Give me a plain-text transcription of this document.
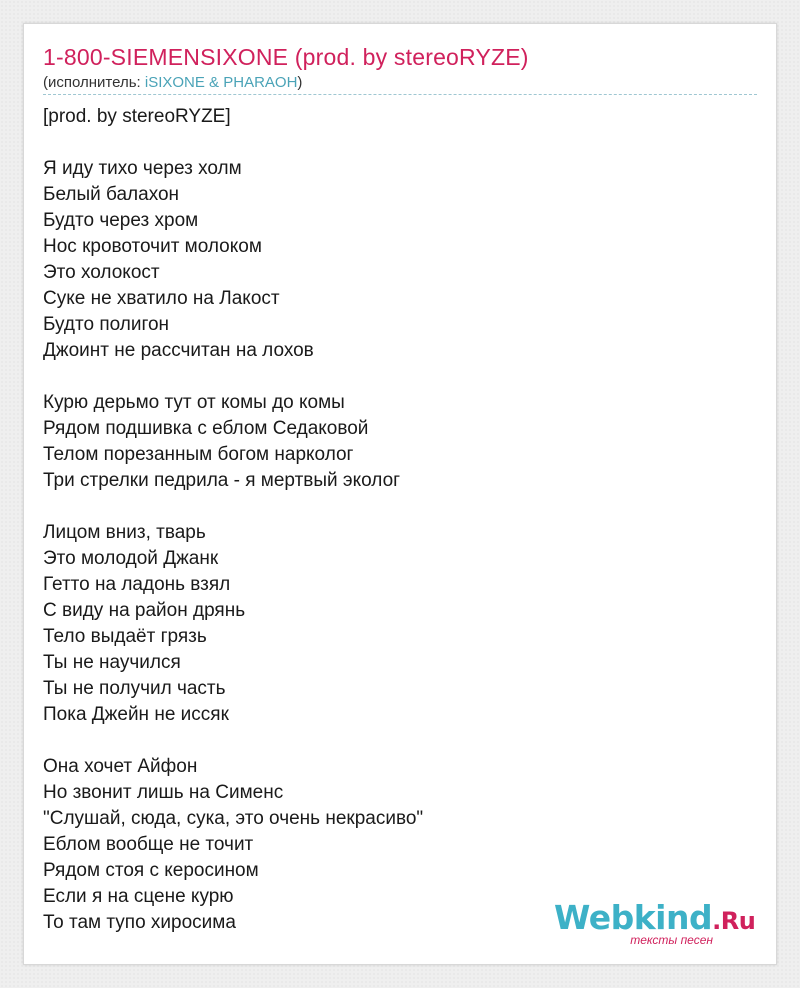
1-800-SIEMENSIXONE (prod. by stereoRYZE)
(исполнитель: iSIXONE & PHARAOH)
[prod. by stereoRYZE]
Я иду тихо через холм
Белый балахон
Будто через хром
Нос кровоточит молоком
Это холокост
Суке не хватило на Лакост
Будто полигон
Джоинт не рассчитан на лохов
Курю дерьмо тут от комы до комы
Рядом подшивка с еблом Седаковой
Телом порезанным богом нарколог
Три стрелки педрила - я мертвый эколог
Лицом вниз, тварь
Это молодой Джанк
Гетто на ладонь взял
С виду на район дрянь
Тело выдаёт грязь
Ты не научился
Ты не получил часть
Пока Джейн не иссяк
Она хочет Айфон
Но звонит лишь на Сименс
"Слушай, сюда, сука, это очень некрасиво"
Еблом вообще не точит
Рядом стоя с керосином
Если я на сцене курю
То там тупо хиросима	Webkind.Ru
тексты песен
